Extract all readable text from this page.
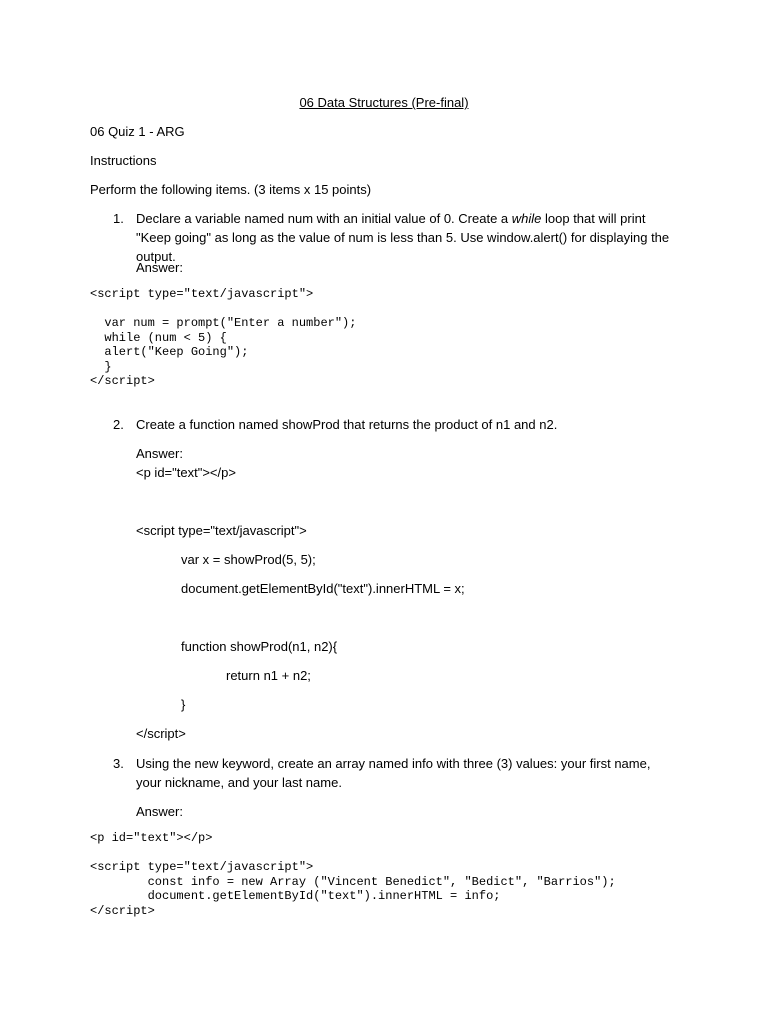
06 Data Structures (Pre-final)
06 Quiz 1 - ARG
Instructions
Perform the following items. (3 items x 15 points)
1. Declare a variable named num with an initial value of 0. Create a while loop that will print "Keep going" as long as the value of num is less than 5. Use window.alert() for displaying the output.
Answer:
<script type="text/javascript">

var num = prompt("Enter a number");
while (num < 5) {
alert("Keep Going");
}
</script>
2. Create a function named showProd that returns the product of n1 and n2.
Answer:
<p id="text"></p>
<script type="text/javascript">
var x = showProd(5, 5);
document.getElementById("text").innerHTML = x;
function showProd(n1, n2){
return n1 + n2;
}
</script>
3. Using the new keyword, create an array named info with three (3) values: your first name, your nickname, and your last name.
Answer:
<p id="text"></p>

<script type="text/javascript">
const info = new Array ("Vincent Benedict", "Bedict", "Barrios");
document.getElementById("text").innerHTML = info;
</script>
